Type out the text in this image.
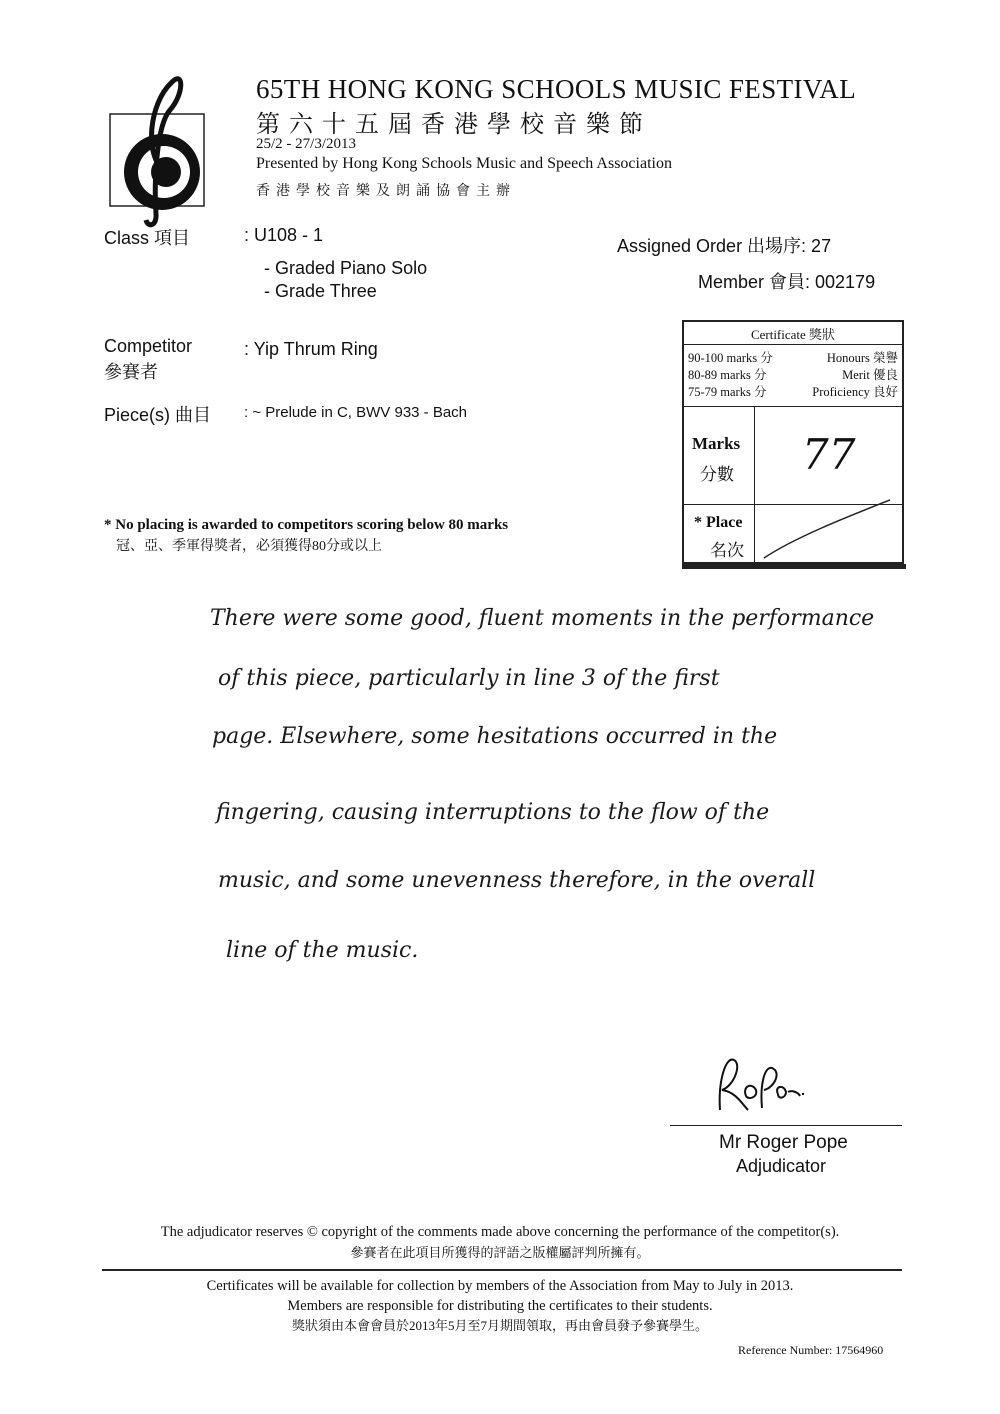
65TH HONG KONG SCHOOLS MUSIC FESTIVAL
第六十五屆香港學校音樂節
25/2 - 27/3/2013
Presented by Hong Kong Schools Music and Speech Association
香港學校音樂及朗誦協會主辦
Class 項目	: U108 - 1
- Graded Piano Solo
- Grade Three
Assigned Order 出場序: 27
Member 會員: 002179
Competitor
參賽者
: Yip Thrum Ring
Piece(s) 曲目 : ~ Prelude in C, BWV 933 - Bach
Certificate 獎狀
90-100 marks 分	Honours 榮譽
80-89 marks 分	Merit 優良
75-79 marks 分	Proficiency 良好
Marks
分數 77
* Place
名次
* No placing is awarded to competitors scoring below 80 marks
冠、亞、季軍得獎者，必須獲得80分或以上
There were some good, fluent moments in the performance
of this piece, particularly in line 3 of the first
page. Elsewhere, some hesitations occurred in the
fingering, causing interruptions to the flow of the
music, and some unevenness therefore, in the overall
line of the music.
Mr Roger Pope
Adjudicator
The adjudicator reserves © copyright of the comments made above concerning the performance of the competitor(s).
參賽者在此項目所獲得的評語之版權屬評判所擁有。
Certificates will be available for collection by members of the Association from May to July in 2013.
Members are responsible for distributing the certificates to their students.
獎狀須由本會會員於2013年5月至7月期間領取，再由會員發予參賽學生。
Reference Number: 17564960
